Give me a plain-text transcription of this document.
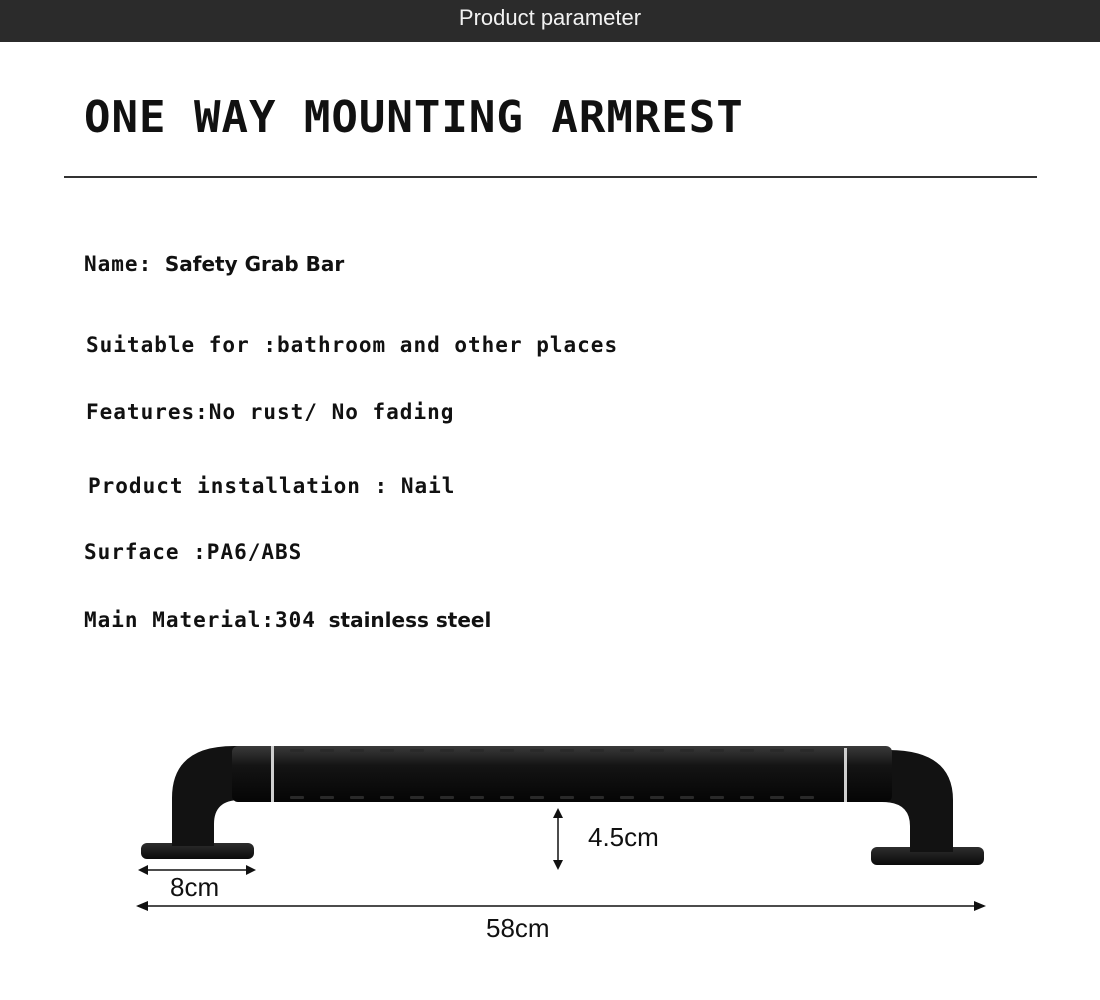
Product parameter
ONE WAY MOUNTING ARMREST
Name: Safety Grab Bar
Suitable for :bathroom and other places
Features:No rust/ No fading
Product installation : Nail
Surface :PA6/ABS
Main Material:304 stainless steel
4.5cm
8cm
58cm
